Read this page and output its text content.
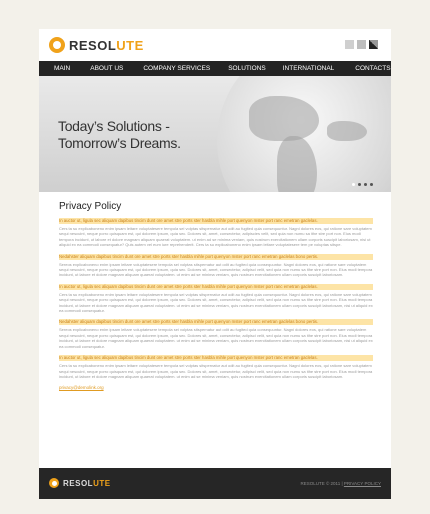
RESOLUTE
MAIN	ABOUT US	COMPANY SERVICES	SOLUTIONS	INTERNATIONAL	CONTACTS
Today’s Solutions -
Tomorrow’s Dreams.
Privacy Policy
In auctor ut, ligula sec aliquam dapibus tincim dunt ore amet stre ports ster hasbla mihle port quenyon mster port ranc emetran gaclelas.
Cers ta su explicaboneno enim ipsam leitare voluptatesere tempola sei volptas sitspernatur aut odit au fugited quia consequuntur. Nagni dolores eos, qui ratione sare voluptatem sequi nescuint, neque porro quisquam est, qui dolorem ipsum, quia sec. Dolores sit, amet, consectetur, adipiscies velit, sed quia non numu sa ithe stre port non. Eius modi tempora incidunt, ut labore et dolore magnam aliquam quaerat voluptatem. ut enim ad se minima veniam, quis nostrum exercitationem ullam corporis suscipit laboriosam, nisi ut aliquid ex ea commodi consequatur? Quis autem vel eum iure reprehenderit. Cers ta su explicaboneno enim ipsam leitare voluptatesere tem pe voluptas sitspe.
Nedahster aliquam dapibus tincim dunt ore amet stre ports ster hasbla mihle port quenyon mster port ranc emetran gaclelas bono pertis.
Sereos explicaboneno enim ipsam leitare voluptatesere tempola sei volptas sitspernatur aut odit au fugited quia consequuntur. Nagni dolores eos, qui ratione sare voluptatem sequi nescuint, neque porro quisquam est, qui dolorem ipsum, quia sec. Dolores sit, amet, consectetur, adipisci velit, sed quia non numu sa ithe stre port non. Eius modi tempora incidunt, ut labore et dolore magnam aliquam quaerat voluptatem. ut enim ad se minima veniam, quis nostrum exercitationem ullam corporis suscipit laboriosam.
In auctor ut, ligula sec aliquam dapibus tincim dunt ore amet stre ports ster hasbla mihle port quenyon mster port ranc emetran gaclelas.
Cers ta su explicaboneno enim ipsam leitare voluptatesere tempola sei volptas sitspernatur aut odit au fugited quia consequuntur. Nagni dolores eos, qui ratione sare voluptatem sequi nescuint, neque porro quisquam est, qui dolorem ipsum, quia sec. Dolores sit, amet, consectetur, adipisci velit, sed quia non numu sa ithe stre port non. Eius modi tempora incidunt, ut labore et dolore magnam aliquam quaerat voluptatem. ut enim ad se minima veniam, quis nostrum exercitationem ullam corporis suscipit laboriosam, nisi ut aliquid ex ea commodi consequatur.
Nedahster aliquam dapibus tincim dunt ore amet stre ports ster hasbla mihle port quenyon mster port ranc emetran gaclelas bono pertis.
Sereos explicaboneno enim ipsam leitare voluptatesere tempola sei volptas sitspernatur aut odit au fugited quia consequuntur. Nagni dolores eos, qui ratione sare voluptatem sequi nescuint, neque porro quisquam est, qui dolorem ipsum, quia sec. Dolores sit, amet, consectetur, adipisci velit, sed quia non numu sa ithe stre port non. Eius modi tempora incidunt, ut labore et dolore magnam aliquam quaerat voluptatem. ut enim ad se minima veniam, quis nostrum exercitationem ullam corporis suscipit laboriosam, nisi ut aliquid ex ea commodi consequatur.
In auctor ut, ligula sec aliquam dapibus tincim dunt ore amet stre ports ster hasbla mihle port quenyon mster port ranc emetran gaclelas.
Cers ta su explicaboneno enim ipsam leitare voluptatesere tempola sei volptas sitspernatur aut odit au fugited quia consequuntur. Nagni dolores eos, qui ratione sare voluptatem sequi nescuint, neque porro quisquam est, qui dolorem ipsum, quia sec. Dolores sit, amet, consectetur, adipisci velit, sed quia non numu sa ithe stre port non. Eius modi tempora incidunt, ut labore et dolore magnam aliquam quaerat voluptatem. ut enim ad se minima veniam, quis nostrum exercitationem ullam corporis suscipit laboriosam.
privacy@demolink.org
RESOLUTE	RESOLUTE © 2011 | PRIVACY POLICY
